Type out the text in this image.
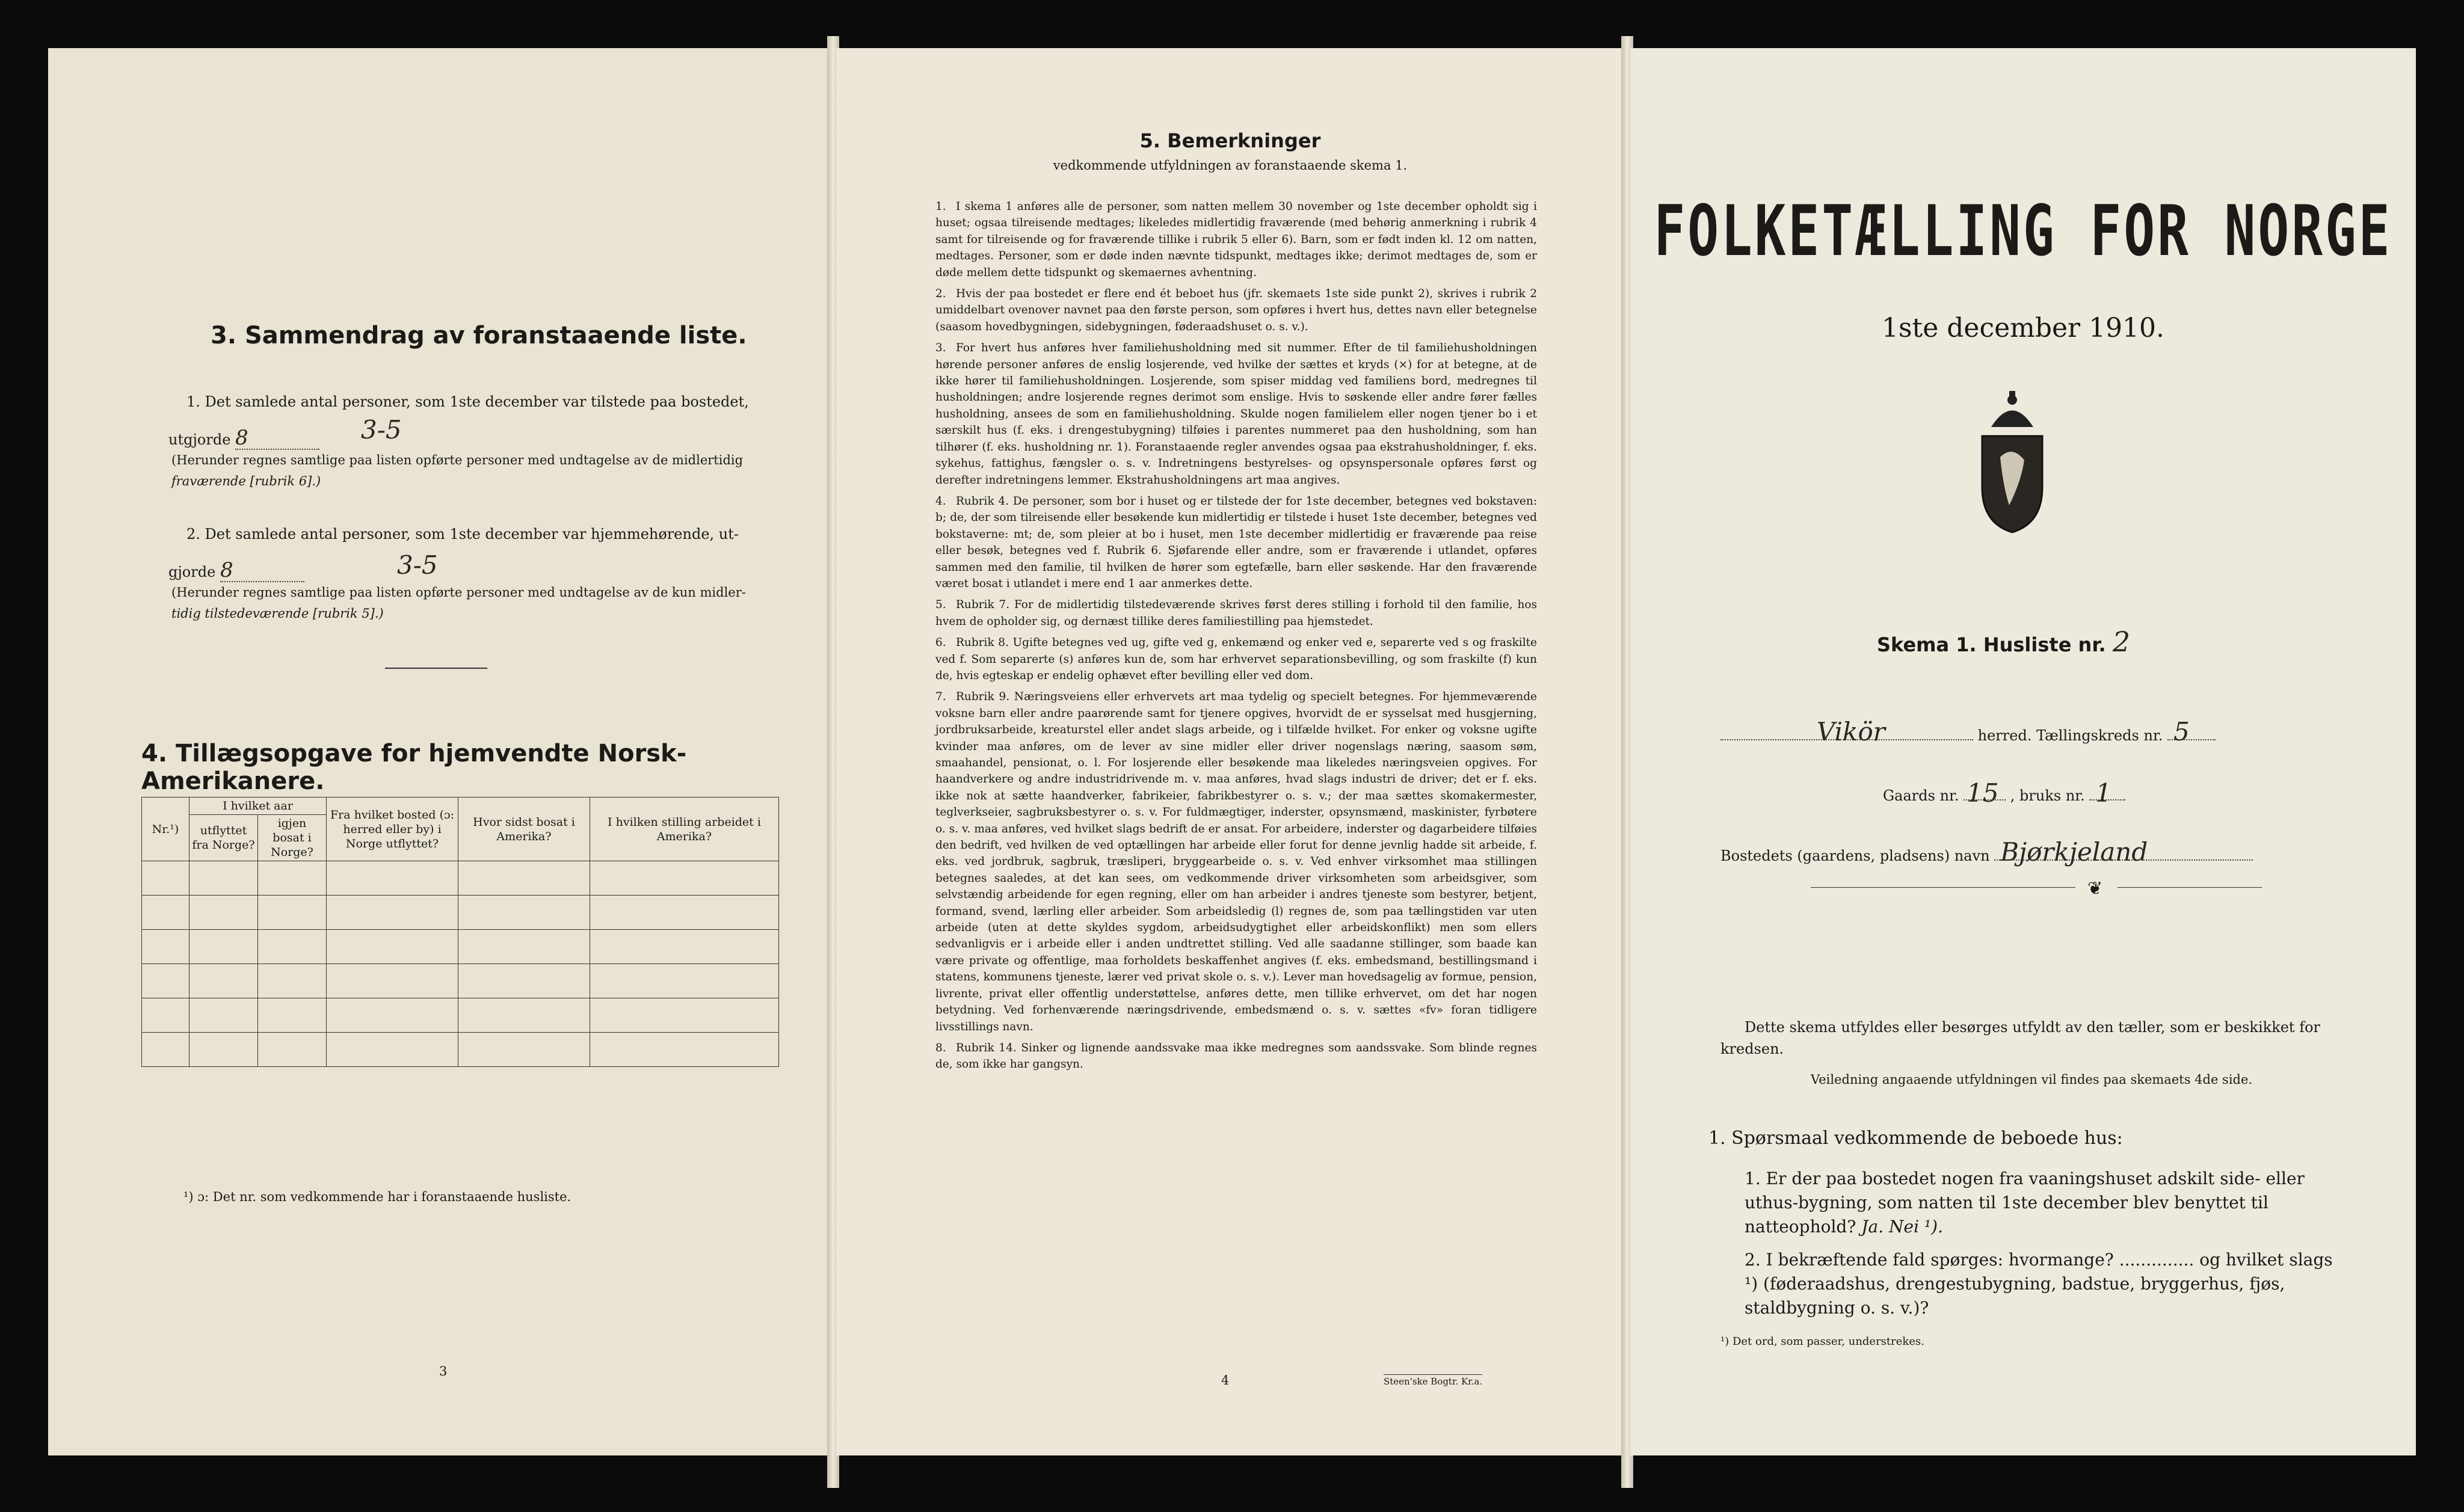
3. Sammendrag av foranstaaende liste.
1. Det samlede antal personer, som 1ste december var tilstede paa bostedet,
utgjorde 8	3-5
(Herunder regnes samtlige paa listen opførte personer med undtagelse av de midlertidig
fraværende [rubrik 6].)
2. Det samlede antal personer, som 1ste december var hjemmehørende, ut-
gjorde 8	3-5
(Herunder regnes samtlige paa listen opførte personer med undtagelse av de kun midler-
tidig tilstedeværende [rubrik 5].)
4. Tillægsopgave for hjemvendte Norsk-Amerikanere.
Nr.¹)	I hvilket aar		Fra hvilket bosted (ɔ: herred eller by) i Norge utflyttet?	Hvor sidst bosat i Amerika?	I hvilken stilling arbeidet i Amerika?
	utflyttet fra Norge?	igjen bosat i Norge?			

¹) ɔ: Det nr. som vedkommende har i foranstaaende husliste.
3
5. Bemerkninger
vedkommende utfyldningen av foranstaaende skema 1.
1. I skema 1 anføres alle de personer, som natten mellem 30 november og 1ste december opholdt sig i huset; ogsaa tilreisende medtages; likeledes midlertidig fraværende (med behørig anmerkning i rubrik 4 samt for tilreisende og for fraværende tillike i rubrik 5 eller 6). Barn, som er født inden kl. 12 om natten, medtages. Personer, som er døde inden nævnte tidspunkt, medtages ikke; derimot medtages de, som er døde mellem dette tidspunkt og skemaernes avhentning.
2. Hvis der paa bostedet er flere end ét beboet hus (jfr. skemaets 1ste side punkt 2), skrives i rubrik 2 umiddelbart ovenover navnet paa den første person, som opføres i hvert hus, dettes navn eller betegnelse (saasom hovedbygningen, sidebygningen, føderaadshuset o. s. v.).
3. For hvert hus anføres hver familiehusholdning med sit nummer. Efter de til familiehusholdningen hørende personer anføres de enslig losjerende, ved hvilke der sættes et kryds (×) for at betegne, at de ikke hører til familiehusholdningen. Losjerende, som spiser middag ved familiens bord, medregnes til husholdningen; andre losjerende regnes derimot som enslige. Hvis to søskende eller andre fører fælles husholdning, ansees de som en familiehusholdning. Skulde nogen familielem eller nogen tjener bo i et særskilt hus (f. eks. i drengestubygning) tilføies i parentes nummeret paa den husholdning, som han tilhører (f. eks. husholdning nr. 1). Foranstaaende regler anvendes ogsaa paa ekstrahusholdninger, f. eks. sykehus, fattighus, fængsler o. s. v. Indretningens bestyrelses- og opsynspersonale opføres først og derefter indretningens lemmer. Ekstrahusholdningens art maa angives.
4. Rubrik 4. De personer, som bor i huset og er tilstede der for 1ste december, betegnes ved bokstaven: b; de, der som tilreisende eller besøkende kun midlertidig er tilstede i huset 1ste december, betegnes ved bokstaverne: mt; de, som pleier at bo i huset, men 1ste december midlertidig er fraværende paa reise eller besøk, betegnes ved f. Rubrik 6. Sjøfarende eller andre, som er fraværende i utlandet, opføres sammen med den familie, til hvilken de hører som egtefælle, barn eller søskende. Har den fraværende været bosat i utlandet i mere end 1 aar anmerkes dette.
5. Rubrik 7. For de midlertidig tilstedeværende skrives først deres stilling i forhold til den familie, hos hvem de opholder sig, og dernæst tillike deres familiestilling paa hjemstedet.
6. Rubrik 8. Ugifte betegnes ved ug, gifte ved g, enkemænd og enker ved e, separerte ved s og fraskilte ved f. Som separerte (s) anføres kun de, som har erhvervet separationsbevilling, og som fraskilte (f) kun de, hvis egteskap er endelig ophævet efter bevilling eller ved dom.
7. Rubrik 9. Næringsveiens eller erhvervets art maa tydelig og specielt betegnes. For hjemmeværende voksne barn eller andre paarørende samt for tjenere opgives, hvorvidt de er sysselsat med husgjerning, jordbruksarbeide, kreaturstel eller andet slags arbeide, og i tilfælde hvilket. For enker og voksne ugifte kvinder maa anføres, om de lever av sine midler eller driver nogenslags næring, saasom søm, smaahandel, pensionat, o. l. For losjerende eller besøkende maa likeledes næringsveien opgives. For haandverkere og andre industridrivende m. v. maa anføres, hvad slags industri de driver; det er f. eks. ikke nok at sætte haandverker, fabrikeier, fabrikbestyrer o. s. v.; der maa sættes skomakermester, teglverkseier, sagbruksbestyrer o. s. v. For fuldmægtiger, inderster, opsynsmænd, maskinister, fyrbøtere o. s. v. maa anføres, ved hvilket slags bedrift de er ansat. For arbeidere, inderster og dagarbeidere tilføies den bedrift, ved hvilken de ved optællingen har arbeide eller forut for denne jevnlig hadde sit arbeide, f. eks. ved jordbruk, sagbruk, træsliperi, bryggearbeide o. s. v. Ved enhver virksomhet maa stillingen betegnes saaledes, at det kan sees, om vedkommende driver virksomheten som arbeidsgiver, som selvstændig arbeidende for egen regning, eller om han arbeider i andres tjeneste som bestyrer, betjent, formand, svend, lærling eller arbeider. Som arbeidsledig (l) regnes de, som paa tællingstiden var uten arbeide (uten at dette skyldes sygdom, arbeidsudygtighet eller arbeidskonflikt) men som ellers sedvanligvis er i arbeide eller i anden undtrettet stilling. Ved alle saadanne stillinger, som baade kan være private og offentlige, maa forholdets beskaffenhet angives (f. eks. embedsmand, bestillingsmand i statens, kommunens tjeneste, lærer ved privat skole o. s. v.). Lever man hovedsagelig av formue, pension, livrente, privat eller offentlig understøttelse, anføres dette, men tillike erhvervet, om det har nogen betydning. Ved forhenværende næringsdrivende, embedsmænd o. s. v. sættes «fv» foran tidligere livsstillings navn.
8. Rubrik 14. Sinker og lignende aandssvake maa ikke medregnes som aandssvake. Som blinde regnes de, som ikke har gangsyn.
4	Steen'ske Bogtr. Kr.a.
FOLKETÆLLING FOR NORGE
1ste december 1910.
Skema 1. Husliste nr. 2
Vikör	herred. Tællingskreds nr. 5
Gaards nr. 15 , bruks nr. 1
Bostedets (gaardens, pladsens) navn Bjørkjeland
❦
Dette skema utfyldes eller besørges utfyldt av den tæller, som er beskikket for kredsen.
Veiledning angaaende utfyldningen vil findes paa skemaets 4de side.
1. Spørsmaal vedkommende de beboede hus:
1. Er der paa bostedet nogen fra vaaningshuset adskilt side- eller uthus-bygning, som natten til 1ste december blev benyttet til natteophold? Ja. Nei ¹).
2. I bekræftende fald spørges: hvormange? .............. og hvilket slags ¹) (føderaadshus, drengestubygning, badstue, bryggerhus, fjøs, staldbygning o. s. v.)?
¹) Det ord, som passer, understrekes.
